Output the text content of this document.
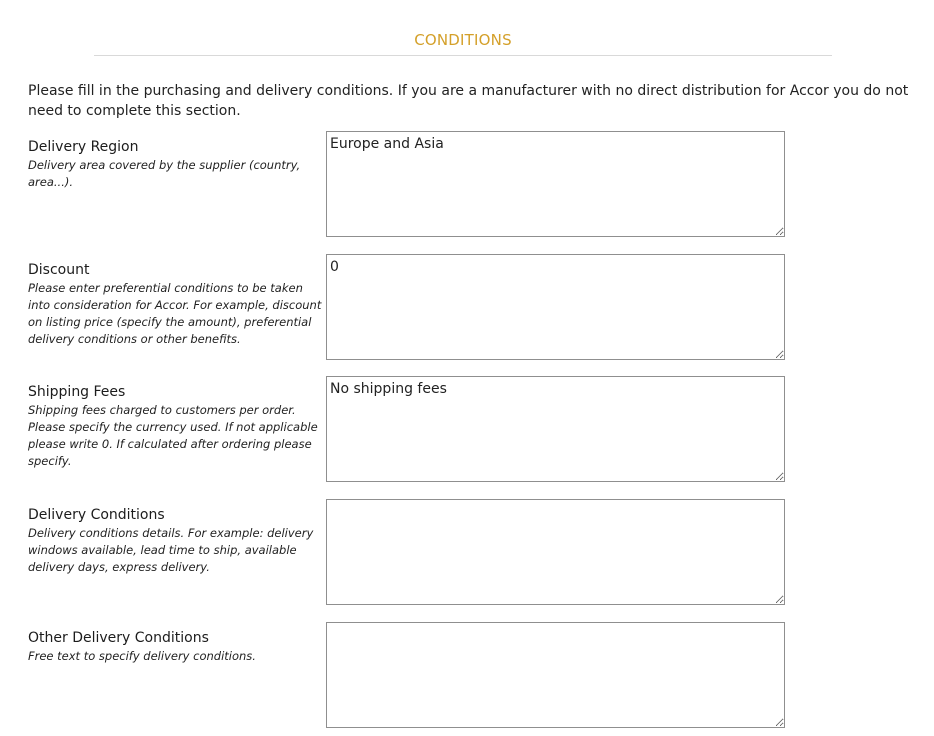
CONDITIONS
Please fill in the purchasing and delivery conditions. If you are a manufacturer with no direct distribution for Accor you do not need to complete this section.
Delivery Region
Delivery area covered by the supplier (country, area...).
Europe and Asia
Discount
Please enter preferential conditions to be taken into consideration for Accor. For example, discount on listing price (specify the amount), preferential delivery conditions or other benefits.
0
Shipping Fees
Shipping fees charged to customers per order. Please specify the currency used. If not applicable please write 0. If calculated after ordering please specify.
No shipping fees
Delivery Conditions
Delivery conditions details. For example: delivery windows available, lead time to ship, available delivery days, express delivery.
Other Delivery Conditions
Free text to specify delivery conditions.
